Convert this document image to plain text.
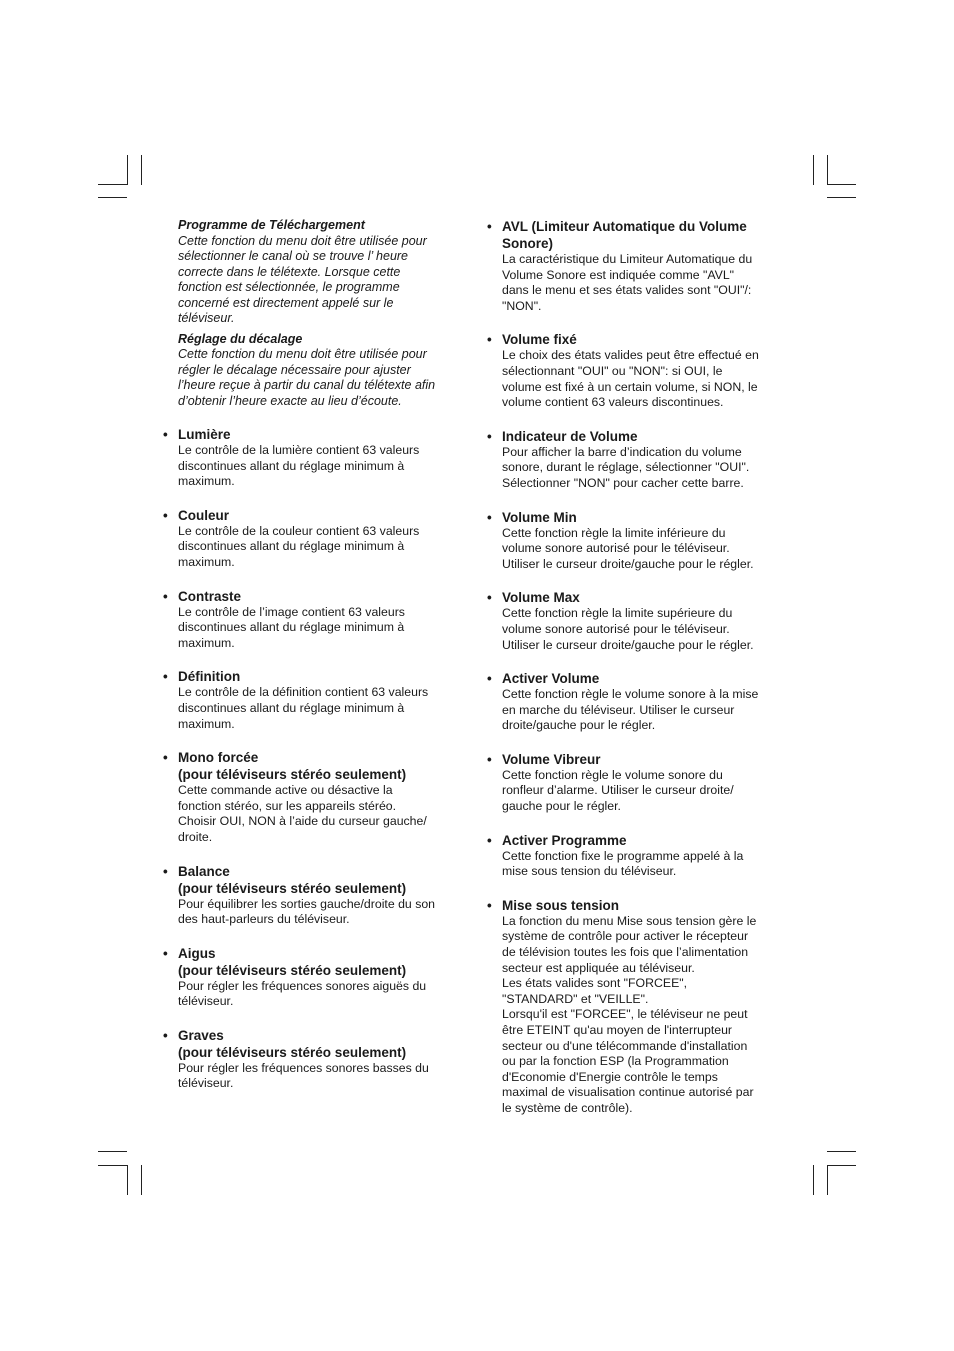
Programme de Téléchargement
Cette fonction du menu doit être utilisée pour
sélectionner le canal où se trouve l’ heure
correcte dans le télétexte. Lorsque cette
fonction est sélectionnée, le programme
concerné est directement appelé sur le
téléviseur.
Réglage du décalage
Cette fonction du menu doit être utilisée pour
régler le décalage nécessaire pour ajuster
l’heure reçue à partir du canal du télétexte afin
d’obtenir l’heure exacte au lieu d’écoute.
• Lumière
Le contrôle de la lumière contient 63 valeurs
discontinues allant du réglage minimum à
maximum.
• Couleur
Le contrôle de la couleur contient 63 valeurs
discontinues allant du réglage minimum à
maximum.
• Contraste
Le contrôle de l’image contient 63 valeurs
discontinues allant du réglage minimum à
maximum.
• Définition
Le contrôle de la définition contient 63 valeurs
discontinues allant du réglage minimum à
maximum.
• Mono forcée
(pour téléviseurs stéréo seulement)
Cette commande active ou désactive la
fonction stéréo, sur les appareils stéréo.
Choisir OUI, NON à l’aide du curseur gauche/
droite.
• Balance
(pour téléviseurs stéréo seulement)
Pour équilibrer les sorties gauche/droite du son
des haut-parleurs du téléviseur.
• Aigus
(pour téléviseurs stéréo seulement)
Pour régler les fréquences sonores aiguës du
téléviseur.
• Graves
(pour téléviseurs stéréo seulement)
Pour régler les fréquences sonores basses du
téléviseur.
• AVL (Limiteur Automatique du Volume
Sonore)
La caractéristique du Limiteur Automatique du
Volume Sonore est indiquée comme "AVL"
dans le menu et ses états valides sont "OUI"/:
"NON".
• Volume fixé
Le choix des états valides peut être effectué en
sélectionnant "OUI" ou "NON": si OUI, le
volume est fixé à un certain volume, si NON, le
volume contient 63 valeurs discontinues.
• Indicateur de Volume
Pour afficher la barre d’indication du volume
sonore, durant le réglage, sélectionner "OUI".
Sélectionner "NON" pour cacher cette barre.
• Volume Min
Cette fonction règle la limite inférieure du
volume sonore autorisé pour le téléviseur.
Utiliser le curseur droite/gauche pour le régler.
• Volume Max
Cette fonction règle la limite supérieure du
volume sonore autorisé pour le téléviseur.
Utiliser le curseur droite/gauche pour le régler.
• Activer Volume
Cette fonction règle le volume sonore à la mise
en marche du téléviseur. Utiliser le curseur
droite/gauche pour le régler.
• Volume Vibreur
Cette fonction règle le volume sonore du
ronfleur d’alarme. Utiliser le curseur droite/
gauche pour le régler.
• Activer Programme
Cette fonction fixe le programme appelé à la
mise sous tension du téléviseur.
• Mise sous tension
La fonction du menu Mise sous tension gère le
système de contrôle pour activer le récepteur
de télévision toutes les fois que l’alimentation
secteur est appliquée au téléviseur.
Les états valides sont "FORCEE",
"STANDARD" et "VEILLE".
Lorsqu'il est "FORCEE", le téléviseur ne peut
être ETEINT qu'au moyen de l'interrupteur
secteur ou d'une télécommande d'installation
ou par la fonction ESP (la Programmation
d'Economie d'Energie contrôle le temps
maximal de visualisation continue autorisé par
le système de contrôle).
